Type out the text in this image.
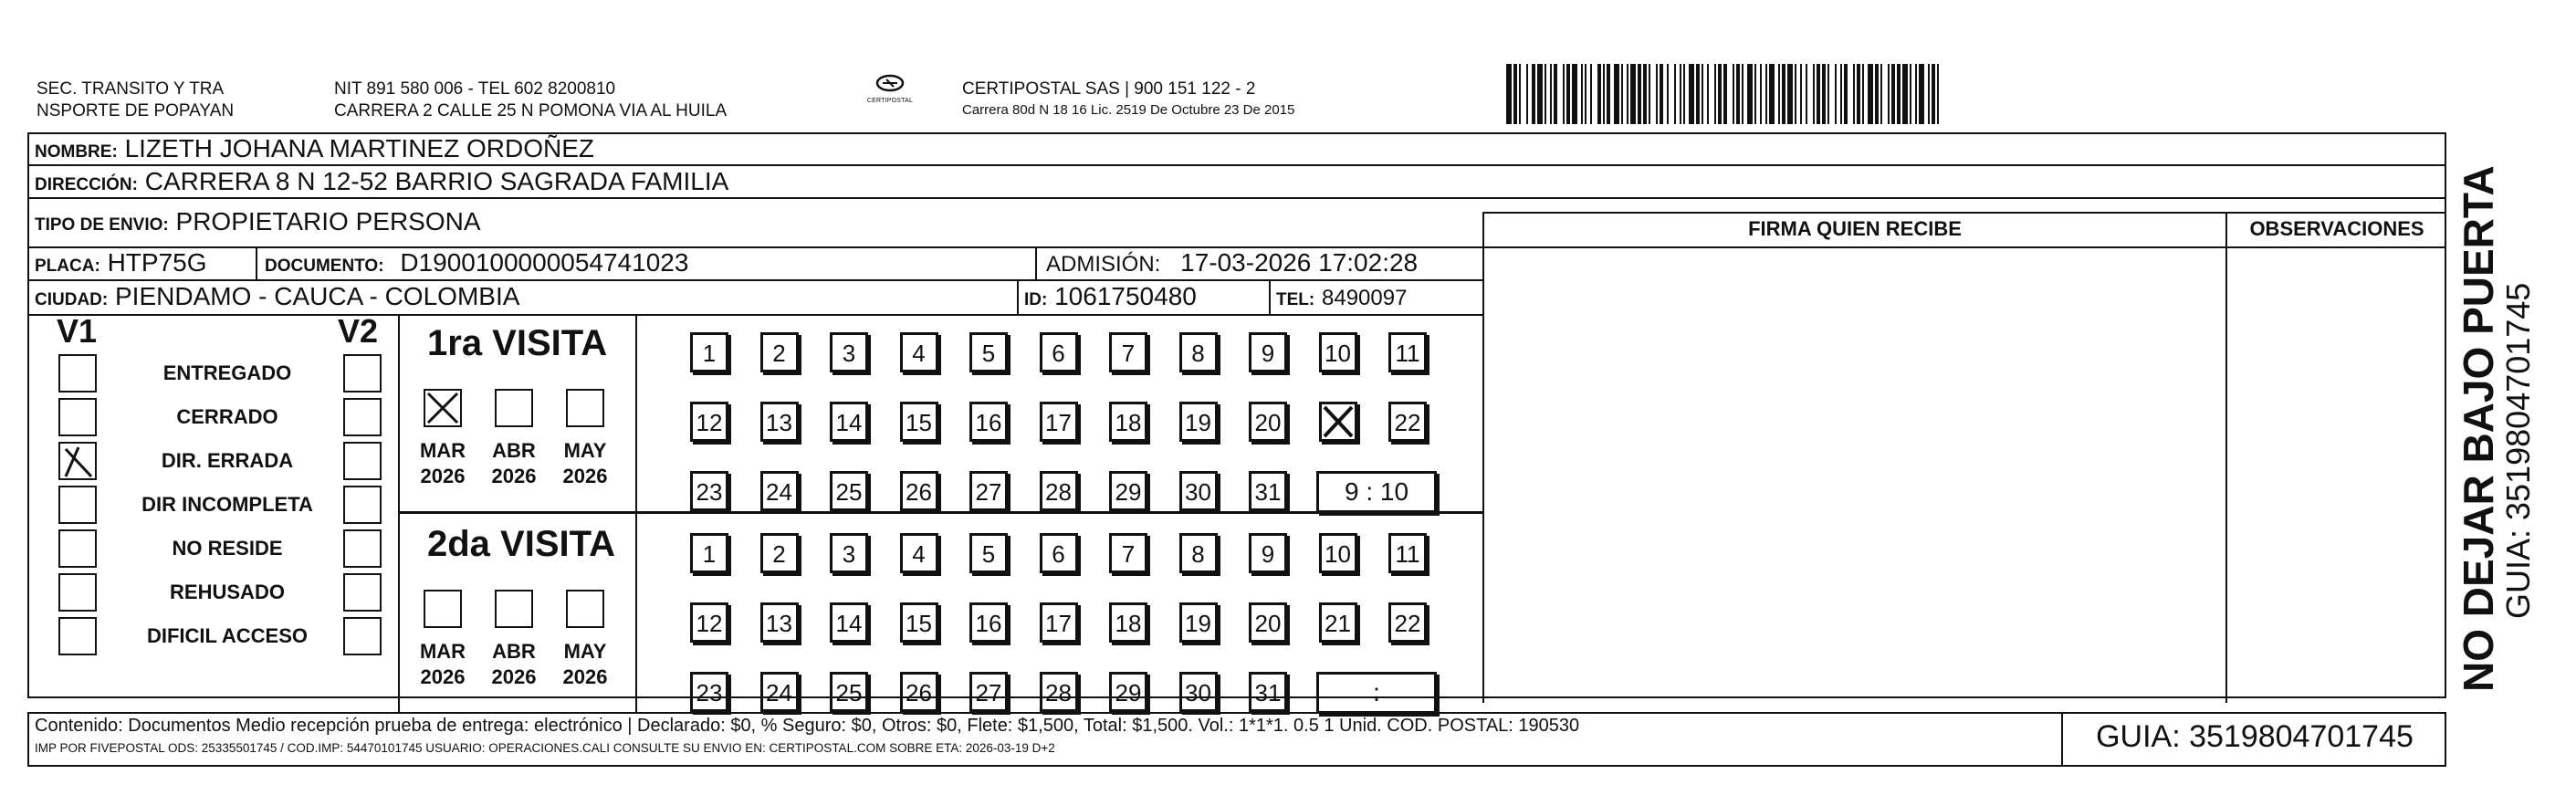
SEC. TRANSITO Y TRA
NSPORTE DE POPAYAN
NIT 891 580 006 - TEL 602 8200810
CARRERA 2 CALLE 25 N POMONA VIA AL HUILA
CERTIPOSTAL
CERTIPOSTAL SAS | 900 151 122 - 2
Carrera 80d N 18 16 Lic. 2519 De Octubre 23 De 2015
NOMBRE: LIZETH JOHANA MARTINEZ ORDOÑEZ
DIRECCIÓN: CARRERA 8 N 12-52 BARRIO SAGRADA FAMILIA
TIPO DE ENVIO: PROPIETARIO PERSONA
PLACA: HTP75G	DOCUMENTO: D1900100000054741023	ADMISIÓN: 17-03-2026 17:02:28
CIUDAD: PIENDAMO - CAUCA - COLOMBIA	ID: 1061750480	TEL: 8490097
FIRMA QUIEN RECIBE	OBSERVACIONES
V1	V2
ENTREGADO
CERRADO
DIR. ERRADA
DIR INCOMPLETA
NO RESIDE
REHUSADO
DIFICIL ACCESO
1ra VISITA
MAR
2026
ABR
2026
MAY
2026
1	2	3	4	5	6	7	8	9	10 11
12 13 14 15 16 17 18 19 20	22
23 24 25 26 27 28 29 30 31	9 : 10
2da VISITA
MAR
2026
ABR
2026
MAY
2026
1	2	3	4	5	6	7	8	9	10 11
12 13 14 15 16 17 18 19 20 21 22
23 24 25 26 27 28 29 30 31	:
Contenido: Documentos Medio recepción prueba de entrega: electrónico | Declarado: $0, % Seguro: $0, Otros: $0, Flete: $1,500, Total: $1,500. Vol.: 1*1*1. 0.5 1 Unid. COD. POSTAL: 190530
IMP POR FIVEPOSTAL ODS: 25335501745 / COD.IMP: 54470101745 USUARIO: OPERACIONES.CALI CONSULTE SU ENVIO EN: CERTIPOSTAL.COM SOBRE ETA: 2026-03-19 D+2	GUIA: 3519804701745
NO DEJAR BAJO PUERTA
GUIA: 3519804701745
